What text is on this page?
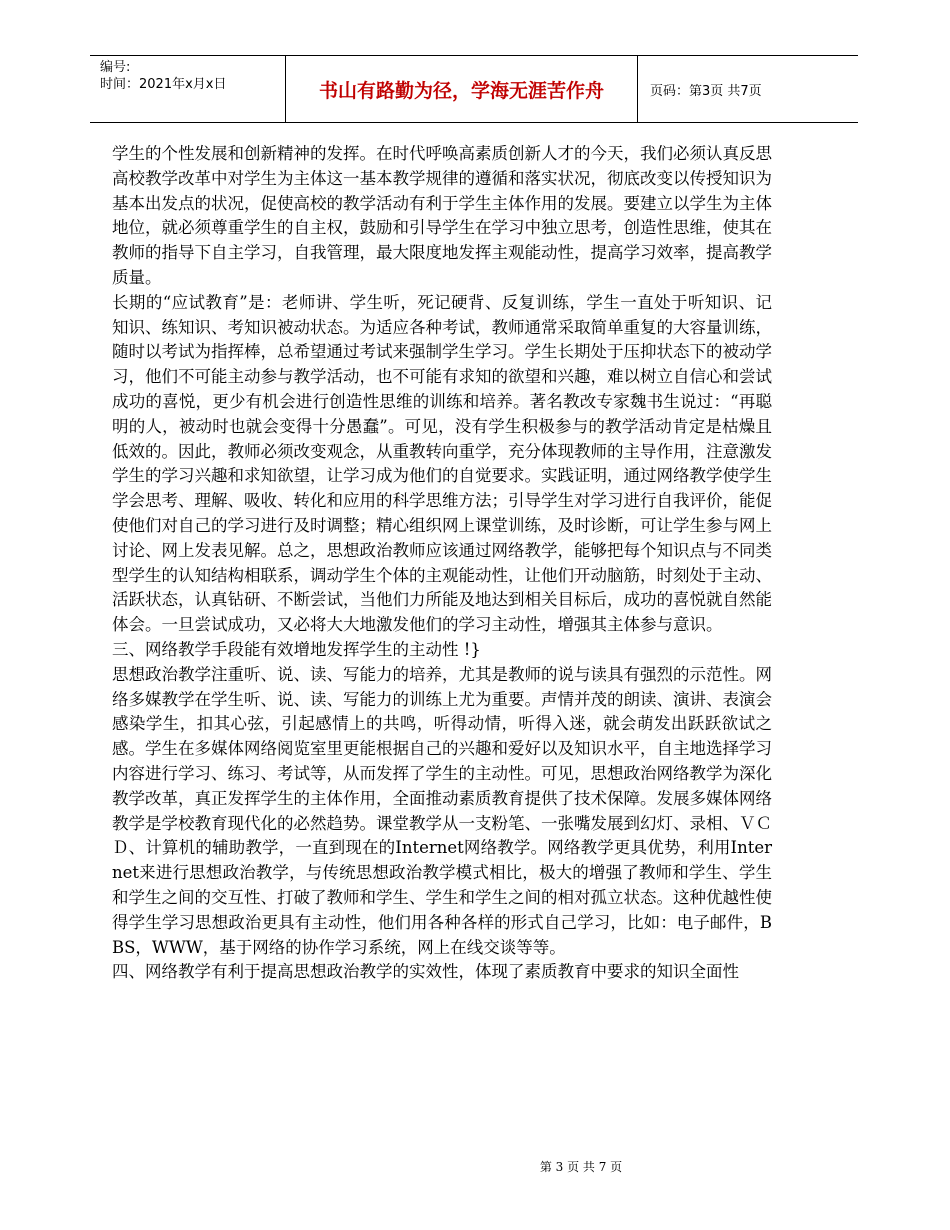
编号:
时间：2021年x月x日	书山有路勤为径，学海无涯苦作舟	页码：第3页 共7页

学生的个性发展和创新精神的发挥。在时代呼唤高素质创新人才的今天，我们必须认真反思高校教学改革中对学生为主体这一基本教学规律的遵循和落实状况，彻底改变以传授知识为基本出发点的状况，促使高校的教学活动有利于学生主体作用的发展。要建立以学生为主体地位，就必须尊重学生的自主权，鼓励和引导学生在学习中独立思考，创造性思维，使其在教师的指导下自主学习，自我管理，最大限度地发挥主观能动性，提高学习效率，提高教学质量。

长期的“应试教育”是：老师讲、学生听，死记硬背、反复训练，学生一直处于听知识、记知识、练知识、考知识被动状态。为适应各种考试，教师通常采取简单重复的大容量训练，随时以考试为指挥棒，总希望通过考试来强制学生学习。学生长期处于压抑状态下的被动学习，他们不可能主动参与教学活动，也不可能有求知的欲望和兴趣，难以树立自信心和尝试成功的喜悦，更少有机会进行创造性思维的训练和培养。著名教改专家魏书生说过：“再聪明的人，被动时也就会变得十分愚蠢”。可见，没有学生积极参与的教学活动肯定是枯燥且低效的。因此，教师必须改变观念，从重教转向重学，充分体现教师的主导作用，注意激发学生的学习兴趣和求知欲望，让学习成为他们的自觉要求。实践证明，通过网络教学使学生学会思考、理解、吸收、转化和应用的科学思维方法；引导学生对学习进行自我评价，能促使他们对自己的学习进行及时调整；精心组织网上课堂训练，及时诊断，可让学生参与网上讨论、网上发表见解。总之，思想政治教师应该通过网络教学，能够把每个知识点与不同类型学生的认知结构相联系，调动学生个体的主观能动性，让他们开动脑筋，时刻处于主动、活跃状态，认真钻研、不断尝试，当他们力所能及地达到相关目标后，成功的喜悦就自然能体会。一旦尝试成功，又必将大大地激发他们的学习主动性，增强其主体参与意识。

三、网络教学手段能有效增地发挥学生的主动性 !}

思想政治教学注重听、说、读、写能力的培养，尤其是教师的说与读具有强烈的示范性。网络多媒教学在学生听、说、读、写能力的训练上尤为重要。声情并茂的朗读、演讲、表演会感染学生，扣其心弦，引起感情上的共鸣，听得动情，听得入迷，就会萌发出跃跃欲试之感。学生在多媒体网络阅览室里更能根据自己的兴趣和爱好以及知识水平，自主地选择学习内容进行学习、练习、考试等，从而发挥了学生的主动性。可见，思想政治网络教学为深化教学改革，真正发挥学生的主体作用，全面推动素质教育提供了技术保障。发展多媒体网络教学是学校教育现代化的必然趋势。课堂教学从一支粉笔、一张嘴发展到幻灯、录相、ＶＣＤ、计算机的辅助教学，一直到现在的Internet网络教学。网络教学更具优势，利用Internet来进行思想政治教学，与传统思想政治教学模式相比，极大的增强了教师和学生、学生和学生之间的交互性、打破了教师和学生、学生和学生之间的相对孤立状态。这种优越性使得学生学习思想政治更具有主动性，他们用各种各样的形式自己学习，比如：电子邮件，BBS，WWW，基于网络的协作学习系统，网上在线交谈等等。

四、网络教学有利于提高思想政治教学的实效性，体现了素质教育中要求的知识全面性

第 3 页 共 7 页
